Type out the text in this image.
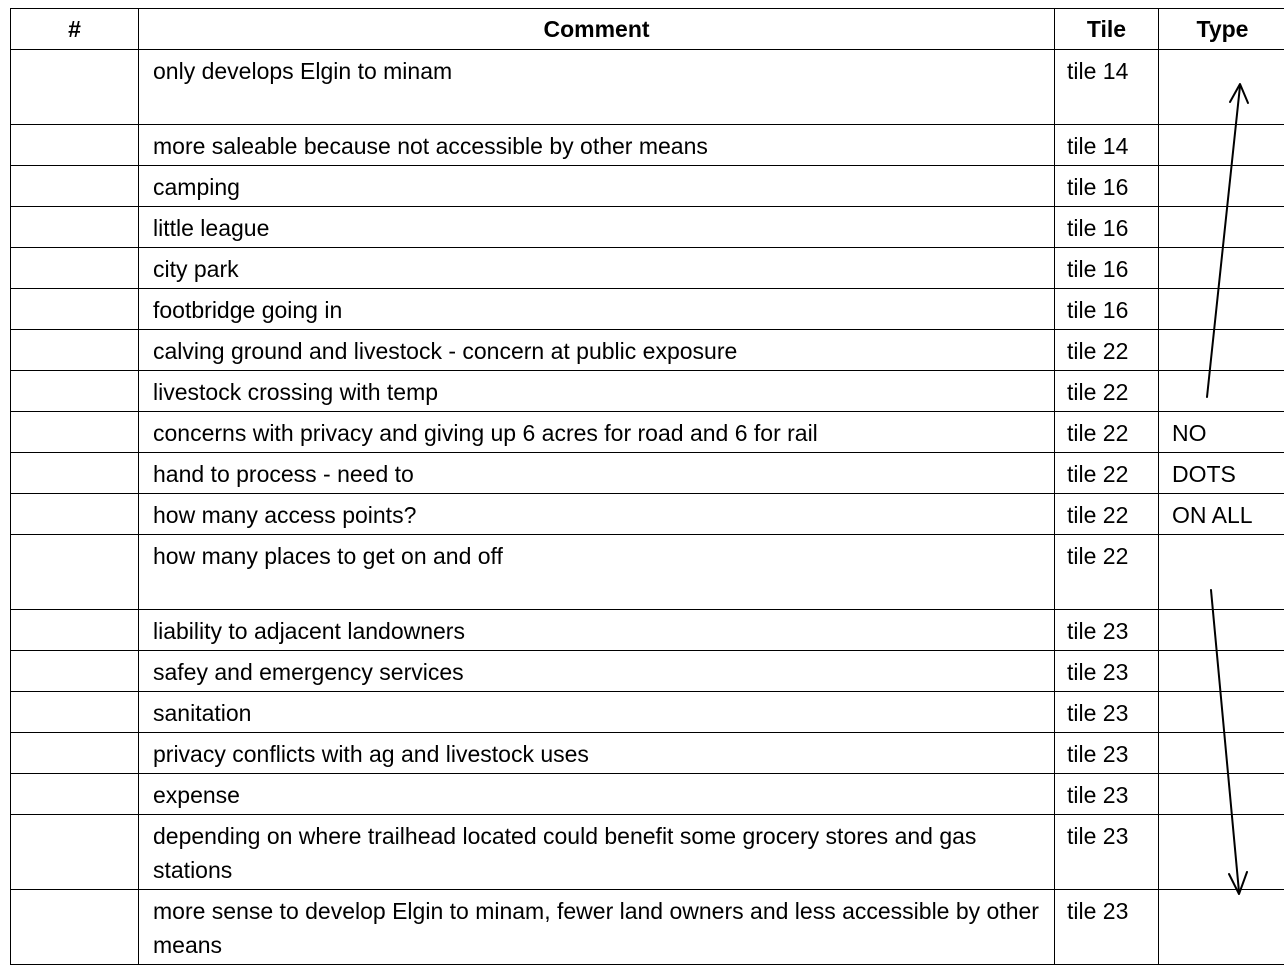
#	Comment	Tile	Type
	only develops Elgin to minam	tile 14	
	more saleable because not accessible by other means	tile 14	
	camping	tile 16	
	little league	tile 16	
	city park	tile 16	
	footbridge going in	tile 16	
	calving ground and livestock - concern at public exposure	tile 22	
	livestock crossing with temp	tile 22	
	concerns with privacy and giving up 6 acres for road and 6 for rail	tile 22	NO
	hand to process - need to	tile 22	DOTS
	how many access points?	tile 22	ON ALL
	how many places to get on and off	tile 22	
	liability to adjacent landowners	tile 23	
	safey and emergency services	tile 23	
	sanitation	tile 23	
	privacy conflicts with ag and livestock uses	tile 23	
	expense	tile 23	
	depending on where trailhead located could benefit some grocery stores and gas stations	tile 23	
	more sense to develop Elgin to minam, fewer land owners and less accessible by other means	tile 23	
